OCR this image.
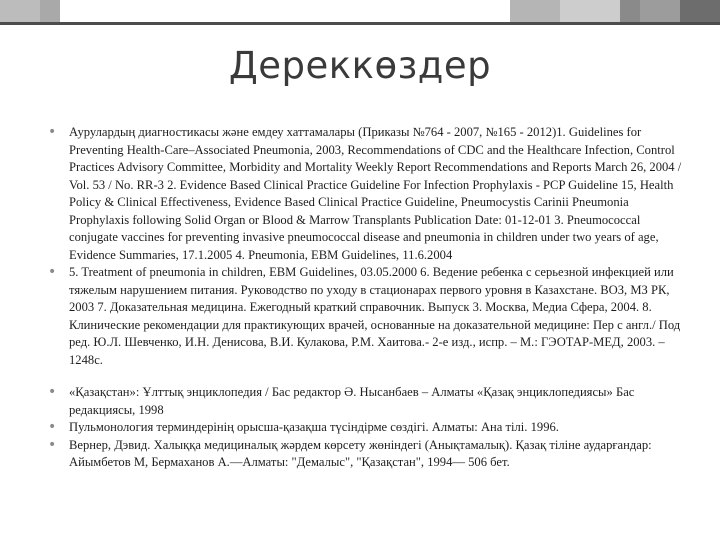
Дереккөздер
• Аурулардың диагностикасы және емдеу хаттамалары (Приказы №764 - 2007, №165 - 2012)1. Guidelines for Preventing Health-Care–Associated Pneumonia, 2003, Recommendations of CDC and the Healthcare Infection, Control Practices Advisory Committee, Morbidity and Mortality Weekly Report Recommendations and Reports March 26, 2004 / Vol. 53 / No. RR-3 2. Evidence Based Clinical Practice Guideline For Infection Prophylaxis - PCP Guideline 15, Health Policy & Clinical Effectiveness, Evidence Based Clinical Practice Guideline, Pneumocystis Carinii Pneumonia Prophylaxis following Solid Organ or Blood & Marrow Transplants Publication Date: 01-12-01 3. Pneumococcal conjugate vaccines for preventing invasive pneumococcal disease and pneumonia in children under two years of age, Evidence Summaries, 17.1.2005 4. Pneumonia, EBM Guidelines, 11.6.2004
• 5. Treatment of pneumonia in children, EBM Guidelines, 03.05.2000 6. Ведение ребенка с серьезной инфекцией или тяжелым нарушением питания. Руководство по уходу в стационарах первого уровня в Казахстане. ВОЗ, МЗ РК, 2003 7. Доказательная медицина. Ежегодный краткий справочник. Выпуск 3. Москва, Медиа Сфера, 2004. 8. Клинические рекомендации для практикующих врачей, основанные на доказательной медицине: Пер с англ./ Под ред. Ю.Л. Шевченко, И.Н. Денисова, В.И. Кулакова, Р.М. Хаитова.- 2-е изд., испр. – М.: ГЭОТАР-МЕД, 2003. – 1248с.
• «Қазақстан»: Ұлттық энциклопедия / Бас редактор Ә. Нысанбаев – Алматы «Қазақ энциклопедиясы» Бас редакциясы, 1998
• Пульмонология терминдерінің орысша-қазақша түсіндірме сөздігі. Алматы: Ана тілі. 1996.
• Вернер, Дэвид. Халыққа медициналық жәрдем көрсету жөніндегі (Анықтамалық). Қазақ тіліне аударғандар: Айымбетов М, Бермаханов А.—Алматы: "Демалыс", "Қазақстан", 1994— 506 бет.
